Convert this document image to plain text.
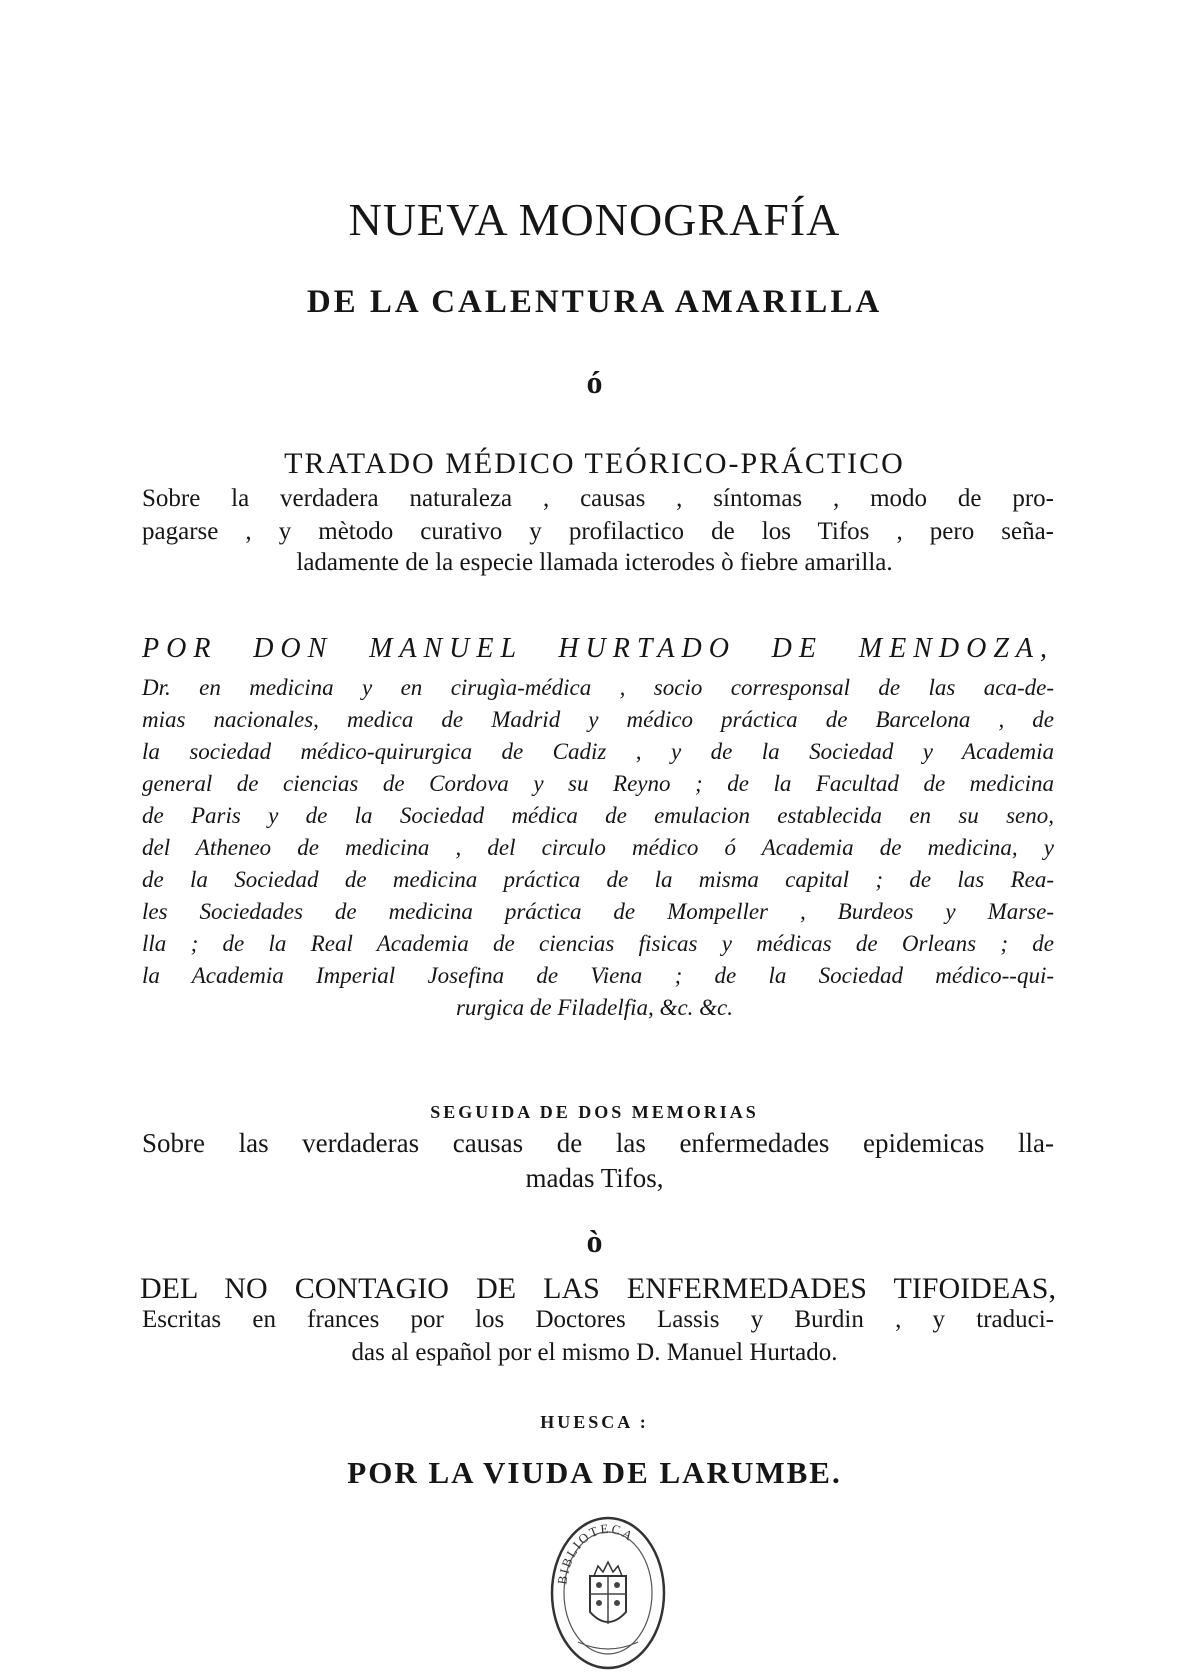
NUEVA MONOGRAFÍA
DE LA CALENTURA AMARILLA
ó
TRATADO MÉDICO TEÓRICO-PRÁCTICO
Sobre la verdadera naturaleza , causas , síntomas , modo de pro-
pagarse , y mètodo curativo y profilactico de los Tifos , pero seña-
ladamente de la especie llamada icterodes ò fiebre amarilla.
POR DON MANUEL HURTADO DE MENDOZA,
Dr. en medicina y en cirugìa-médica , socio corresponsal de las aca-de-
mias nacionales, medica de Madrid y médico práctica de Barcelona , de
la sociedad médico-quirurgica de Cadiz , y de la Sociedad y Academia
general de ciencias de Cordova y su Reyno ; de la Facultad de medicina
de Paris y de la Sociedad médica de emulacion establecida en su seno,
del Atheneo de medicina , del circulo médico ó Academia de medicina, y
de la Sociedad de medicina práctica de la misma capital ; de las Rea-
les Sociedades de medicina práctica de Mompeller , Burdeos y Marse-
lla ; de la Real Academia de ciencias fisicas y médicas de Orleans ; de
la Academia Imperial Josefina de Viena ; de la Sociedad médico--qui-
rurgica de Filadelfia, &c. &c.
SEGUIDA DE DOS MEMORIAS
Sobre las verdaderas causas de las enfermedades epidemicas lla-
madas Tifos,
ò
DEL NO CONTAGIO DE LAS ENFERMEDADES TIFOIDEAS,
Escritas en frances por los Doctores Lassis y Burdin , y traduci-
das al español por el mismo D. Manuel Hurtado.
HUESCA :
POR LA VIUDA DE LARUMBE.
BIBLIOTECA
